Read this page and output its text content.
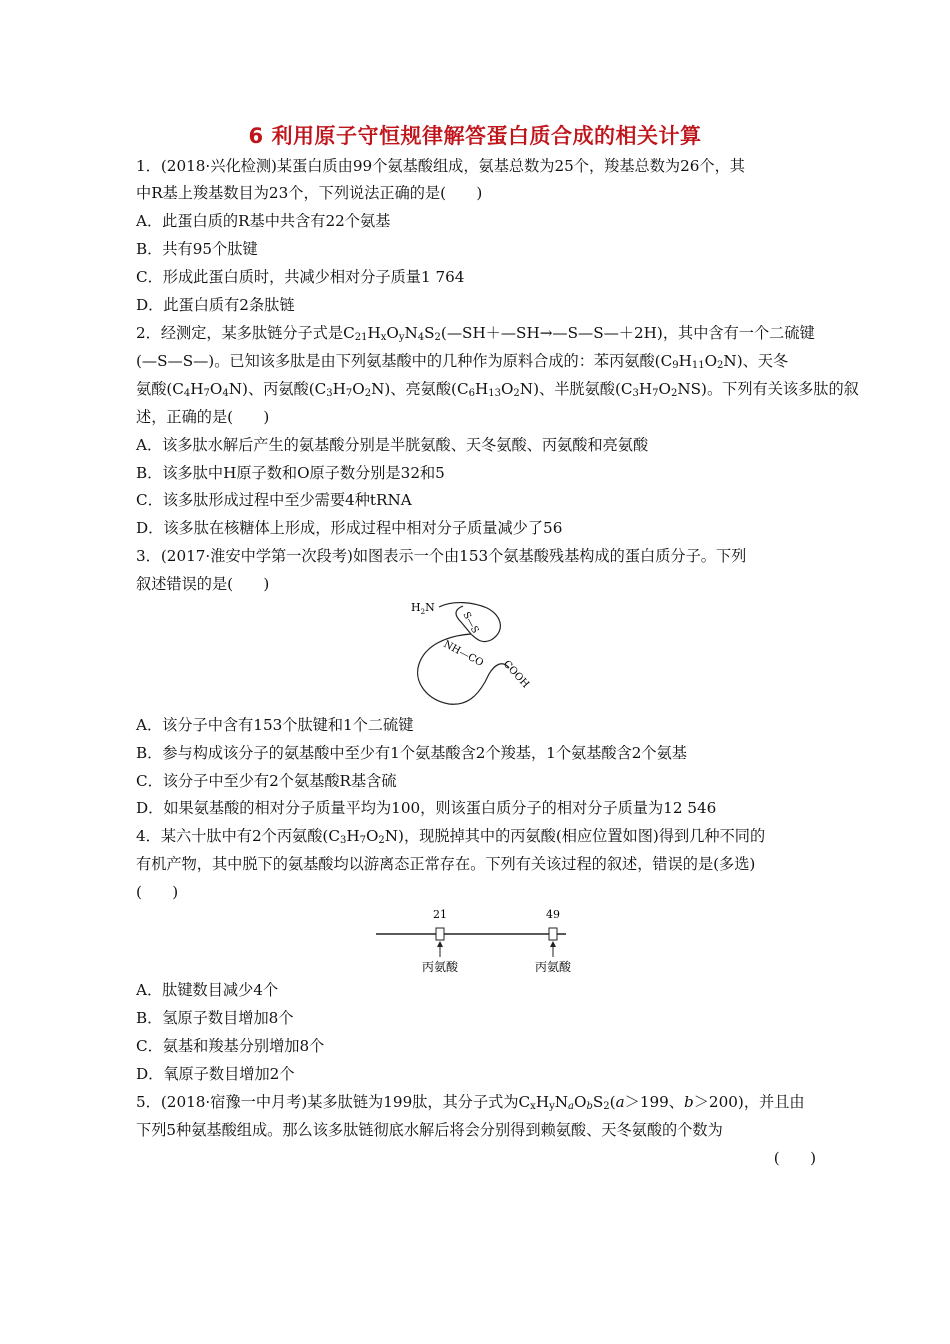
6 利用原子守恒规律解答蛋白质合成的相关计算
1．(2018·兴化检测)某蛋白质由99个氨基酸组成，氨基总数为25个，羧基总数为26个，其
中R基上羧基数目为23个，下列说法正确的是(　　)
A．此蛋白质的R基中共含有22个氨基
B．共有95个肽键
C．形成此蛋白质时，共减少相对分子质量1 764
D．此蛋白质有2条肽链
2．经测定，某多肽链分子式是$C_{21}H_xO_yN_4S_2(—SH+—SH\to—S—S—+2H)$，其中含有一个二硫键
(—S—S—)。已知该多肽是由下列氨基酸中的几种作为原料合成的：苯丙氨酸$(C_9H_{11}O_2N)$、天冬
氨酸$(C_4H_7O_4N)$、丙氨酸$(C_3H_7O_2N)$、亮氨酸$(C_6H_{13}O_2N)$、半胱氨酸$(C_3H_7O_2NS)$。下列有关该多肽的叙
述，正确的是(　　)
A．该多肽水解后产生的氨基酸分别是半胱氨酸、天冬氨酸、丙氨酸和亮氨酸
B．该多肽中H原子数和O原子数分别是32和5
C．该多肽形成过程中至少需要4种tRNA
D．该多肽在核糖体上形成，形成过程中相对分子质量减少了56
3．(2017·淮安中学第一次段考)如图表示一个由153个氨基酸残基构成的蛋白质分子。下列
叙述错误的是(　　)
$H_2N$
S—S
NH—CO
COOH
A．该分子中含有153个肽键和1个二硫键
B．参与构成该分子的氨基酸中至少有1个氨基酸含2个羧基，1个氨基酸含2个氨基
C．该分子中至少有2个氨基酸R基含硫
D．如果氨基酸的相对分子质量平均为100，则该蛋白质分子的相对分子质量为12 546
4．某六十肽中有2个丙氨酸$(C_3H_7O_2N)$，现脱掉其中的丙氨酸(相应位置如图)得到几种不同的
有机产物，其中脱下的氨基酸均以游离态正常存在。下列有关该过程的叙述，错误的是(多选)
(　　)
21
丙氨酸
49
丙氨酸
A．肽键数目减少4个
B．氢原子数目增加8个
C．氨基和羧基分别增加8个
D．氧原子数目增加2个
5．(2018·宿豫一中月考)某多肽链为199肽，其分子式为$C_xH_yN_aO_bS_2(a>199$、b＞200)，并且由
下列5种氨基酸组成。那么该多肽链彻底水解后将会分别得到赖氨酸、天冬氨酸的个数为
(　　)
